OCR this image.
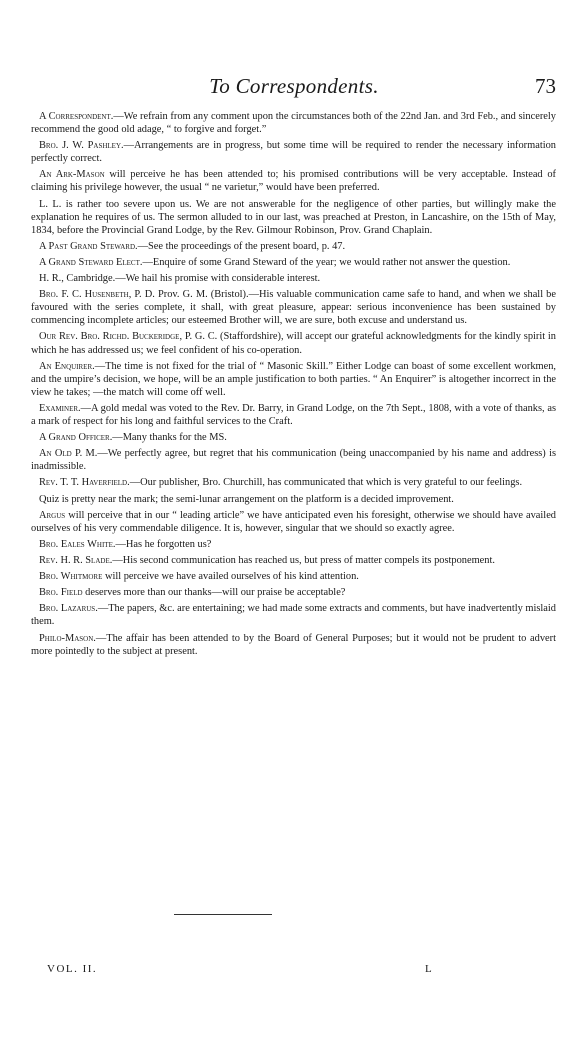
To Correspondents.	73

A Correspondent.—We refrain from any comment upon the circumstances both of the 22nd Jan. and 3rd Feb., and sincerely recommend the good old adage, “ to forgive and forget.”

Bro. J. W. Pashley.—Arrangements are in progress, but some time will be required to render the necessary information perfectly correct.

An Ark-Mason will perceive he has been attended to; his promised contributions will be very acceptable. Instead of claiming his privilege however, the usual “ ne varietur,” would have been preferred.

L. L. is rather too severe upon us. We are not answerable for the negligence of other parties, but willingly make the explanation he requires of us. The sermon alluded to in our last, was preached at Preston, in Lancashire, on the 15th of May, 1834, before the Provincial Grand Lodge, by the Rev. Gilmour Robinson, Prov. Grand Chaplain.

A Past Grand Steward.—See the proceedings of the present board, p. 47.

A Grand Steward Elect.—Enquire of some Grand Steward of the year; we would rather not answer the question.

H. R., Cambridge.—We hail his promise with considerable interest.

Bro. F. C. Husenbeth, P. D. Prov. G. M. (Bristol).—His valuable communication came safe to hand, and when we shall be favoured with the series complete, it shall, with great pleasure, appear: serious inconvenience has been sustained by commencing incomplete articles; our esteemed Brother will, we are sure, both excuse and understand us.

Our Rev. Bro. Richd. Buckeridge, P. G. C. (Staffordshire), will accept our grateful acknowledgments for the kindly spirit in which he has addressed us; we feel confident of his co-operation.

An Enquirer.—The time is not fixed for the trial of “ Masonic Skill.” Either Lodge can boast of some excellent workmen, and the umpire’s decision, we hope, will be an ample justification to both parties. “ An Enquirer” is altogether incorrect in the view he takes; —the match will come off well.

Examiner.—A gold medal was voted to the Rev. Dr. Barry, in Grand Lodge, on the 7th Sept., 1808, with a vote of thanks, as a mark of respect for his long and faithful services to the Craft.

A Grand Officer.—Many thanks for the MS.

An Old P. M.—We perfectly agree, but regret that his communication (being unaccompanied by his name and address) is inadmissible.

Rev. T. T. Haverfield.—Our publisher, Bro. Churchill, has communicated that which is very grateful to our feelings.

Quiz is pretty near the mark; the semi-lunar arrangement on the platform is a decided improvement.

Argus will perceive that in our “ leading article” we have anticipated even his foresight, otherwise we should have availed ourselves of his very commendable diligence. It is, however, singular that we should so exactly agree.

Bro. Eales White.—Has he forgotten us?

Rev. H. R. Slade.—His second communication has reached us, but press of matter compels its postponement.

Bro. Whitmore will perceive we have availed ourselves of his kind attention.

Bro. Field deserves more than our thanks—will our praise be acceptable?

Bro. Lazarus.—The papers, &c. are entertaining; we had made some extracts and comments, but have inadvertently mislaid them.

Philo-Mason.—The affair has been attended to by the Board of General Purposes; but it would not be prudent to advert more pointedly to the subject at present.

VOL. II.	L
